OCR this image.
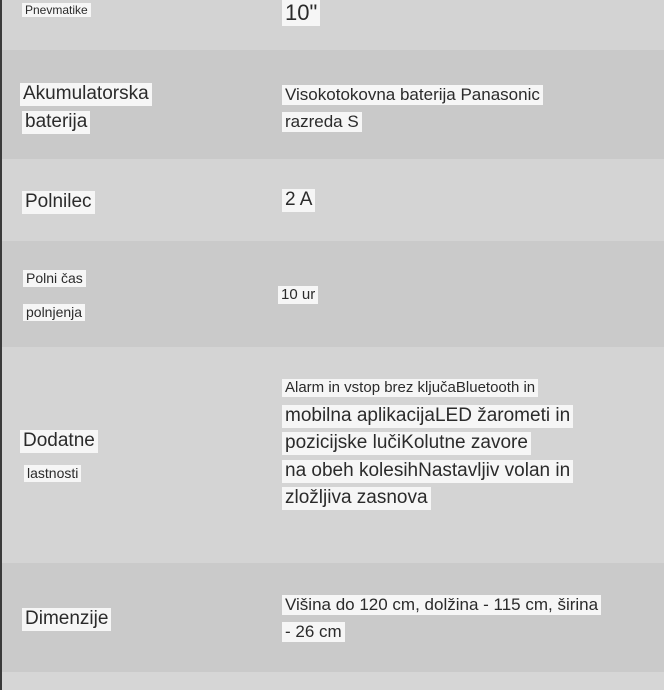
Pnevmatike	10"
Akumulatorska
baterija
Visokotokovna baterija Panasonic
razreda S
Polnilec	2 A
Polni čas
polnjenja
10 ur
Dodatne
lastnosti
Alarm in vstop brez ključaBluetooth in
mobilna aplikacijaLED žarometi in
pozicijske lučiKolutne zavore
na obeh kolesihNastavljiv volan in
zložljiva zasnova
Dimenzije
Višina do 120 cm, dolžina - 115 cm, širina
- 26 cm
